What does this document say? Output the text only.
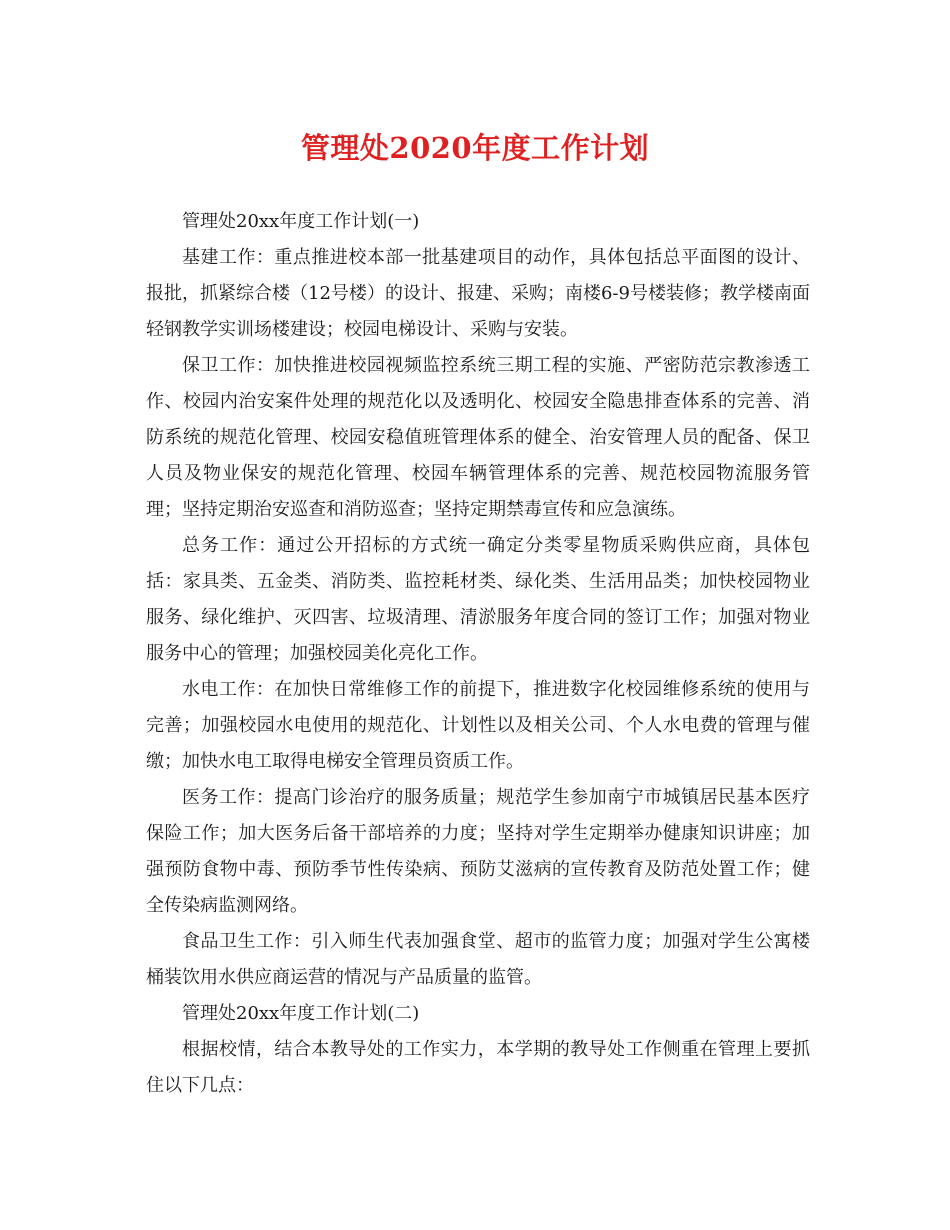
管理处2020年度工作计划

管理处20xx年度工作计划(一)

基建工作：重点推进校本部一批基建项目的动作，具体包括总平面图的设计、报批，抓紧综合楼（12号楼）的设计、报建、采购；南楼6-9号楼装修；教学楼南面轻钢教学实训场楼建设；校园电梯设计、采购与安装。

保卫工作：加快推进校园视频监控系统三期工程的实施、严密防范宗教渗透工作、校园内治安案件处理的规范化以及透明化、校园安全隐患排查体系的完善、消防系统的规范化管理、校园安稳值班管理体系的健全、治安管理人员的配备、保卫人员及物业保安的规范化管理、校园车辆管理体系的完善、规范校园物流服务管理；坚持定期治安巡查和消防巡查；坚持定期禁毒宣传和应急演练。

总务工作：通过公开招标的方式统一确定分类零星物质采购供应商，具体包括：家具类、五金类、消防类、监控耗材类、绿化类、生活用品类；加快校园物业服务、绿化维护、灭四害、垃圾清理、清淤服务年度合同的签订工作；加强对物业服务中心的管理；加强校园美化亮化工作。

水电工作：在加快日常维修工作的前提下，推进数字化校园维修系统的使用与完善；加强校园水电使用的规范化、计划性以及相关公司、个人水电费的管理与催缴；加快水电工取得电梯安全管理员资质工作。

医务工作：提高门诊治疗的服务质量；规范学生参加南宁市城镇居民基本医疗保险工作；加大医务后备干部培养的力度；坚持对学生定期举办健康知识讲座；加强预防食物中毒、预防季节性传染病、预防艾滋病的宣传教育及防范处置工作；健全传染病监测网络。

食品卫生工作：引入师生代表加强食堂、超市的监管力度；加强对学生公寓楼桶装饮用水供应商运营的情况与产品质量的监管。

管理处20xx年度工作计划(二)

根据校情，结合本教导处的工作实力，本学期的教导处工作侧重在管理上要抓住以下几点：
